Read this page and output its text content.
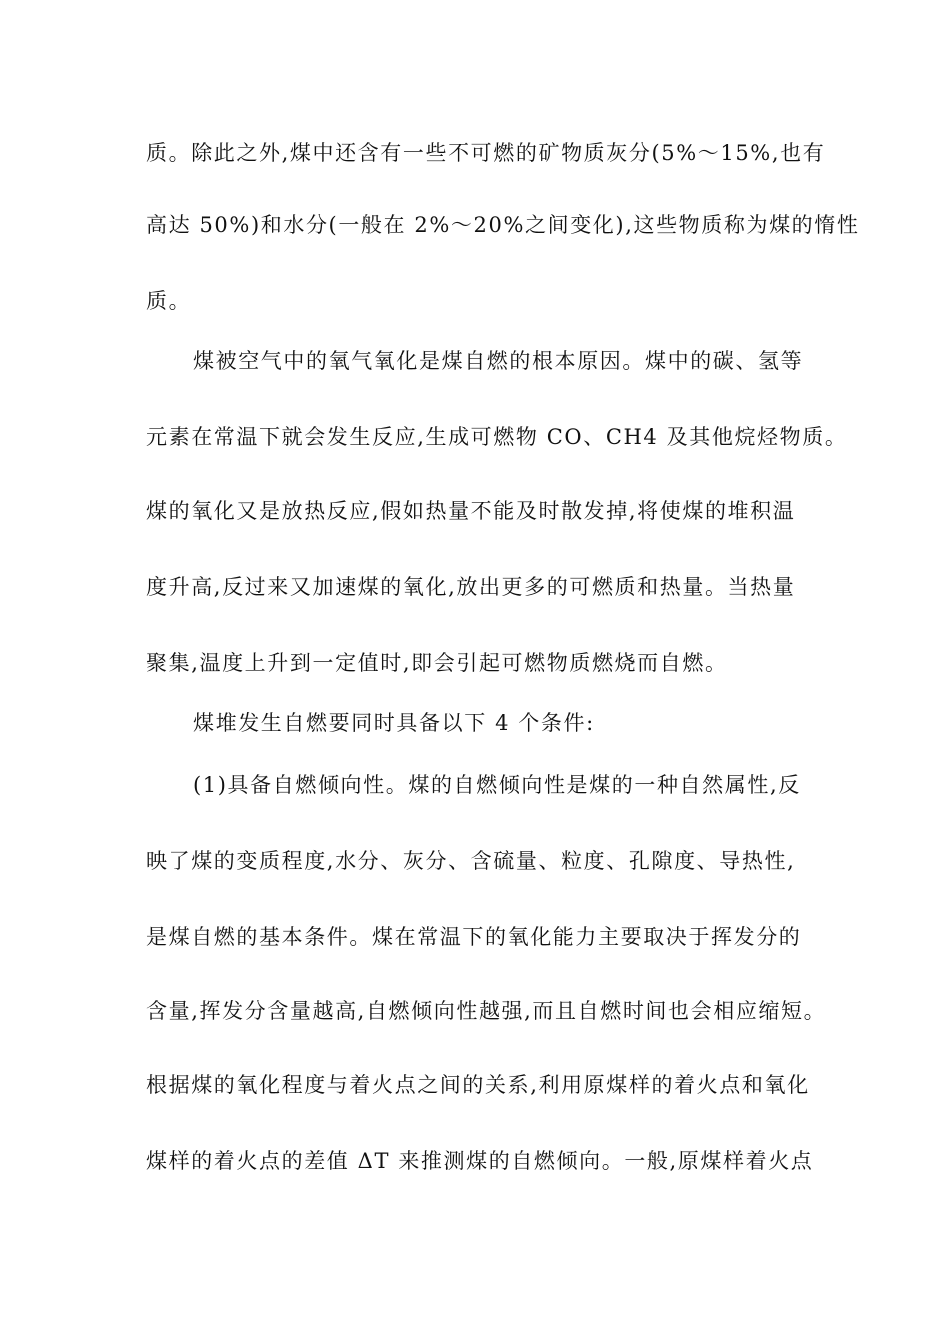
质。除此之外,煤中还含有一些不可燃的矿物质灰分(5%～15%,也有
高达 50%)和水分(一般在 2%～20%之间变化),这些物质称为煤的惰性
质。
煤被空气中的氧气氧化是煤自燃的根本原因。煤中的碳、氢等
元素在常温下就会发生反应,生成可燃物 CO、CH4 及其他烷烃物质。
煤的氧化又是放热反应,假如热量不能及时散发掉,将使煤的堆积温
度升高,反过来又加速煤的氧化,放出更多的可燃质和热量。当热量
聚集,温度上升到一定值时,即会引起可燃物质燃烧而自燃。
煤堆发生自燃要同时具备以下 4 个条件:
(1)具备自燃倾向性。煤的自燃倾向性是煤的一种自然属性,反
映了煤的变质程度,水分、灰分、含硫量、粒度、孔隙度、导热性,
是煤自燃的基本条件。煤在常温下的氧化能力主要取决于挥发分的
含量,挥发分含量越高,自燃倾向性越强,而且自燃时间也会相应缩短。
根据煤的氧化程度与着火点之间的关系,利用原煤样的着火点和氧化
煤样的着火点的差值 ΔT 来推测煤的自燃倾向。一般,原煤样着火点
